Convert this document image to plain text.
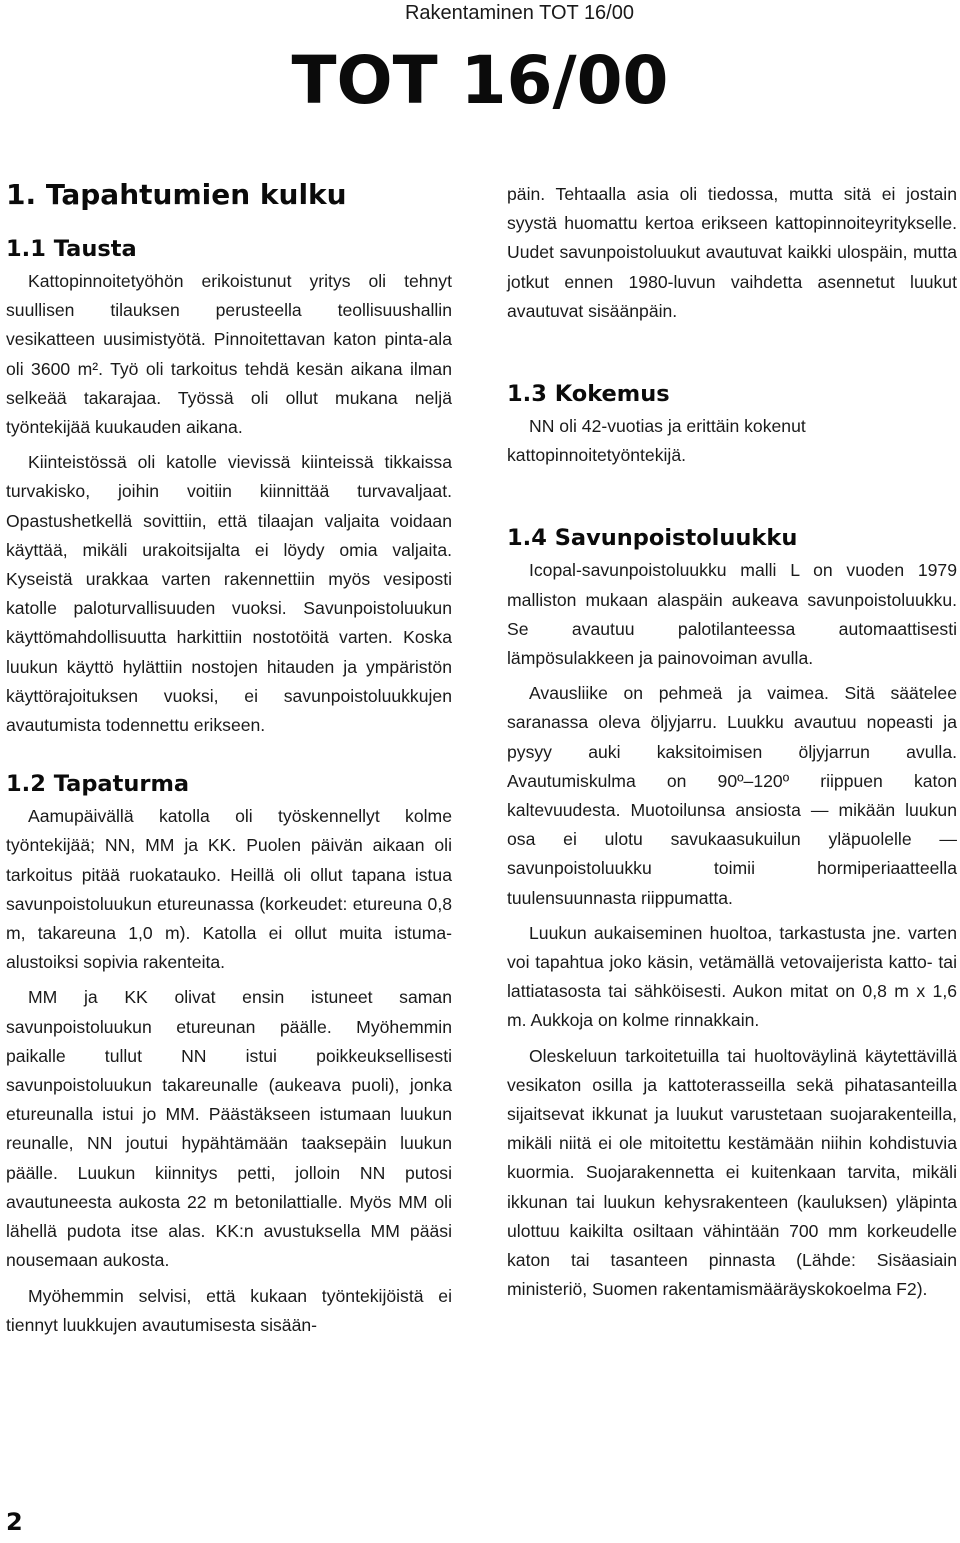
Rakentaminen TOT 16/00
TOT 16/00
1. Tapahtumien kulku
1.1 Tausta

Kattopinnoitetyöhön erikoistunut yritys oli tehnyt suullisen tilauksen perusteella teollisuushallin vesikatteen uusimistyötä. Pinnoitettavan katon pinta-ala oli 3600 m². Työ oli tarkoitus tehdä kesän aikana ilman selkeää takarajaa. Työssä oli ollut mukana neljä työntekijää kuukauden aikana.

Kiinteistössä oli katolle vievissä kiinteissä tikkaissa turvakisko, joihin voitiin kiinnittää turvavaljaat. Opastushetkellä sovittiin, että tilaajan valjaita voidaan käyttää, mikäli urakoitsijalta ei löydy omia valjaita. Kyseistä urakkaa varten rakennettiin myös vesiposti katolle paloturvallisuuden vuoksi. Savunpoistoluukun käyttömahdollisuutta harkittiin nostotöitä varten. Koska luukun käyttö hylättiin nostojen hitauden ja ympäristön käyttörajoituksen vuoksi, ei savunpoistoluukkujen avautumista todennettu erikseen.

1.2 Tapaturma

Aamupäivällä katolla oli työskennellyt kolme työntekijää; NN, MM ja KK. Puolen päivän aikaan oli tarkoitus pitää ruokatauko. Heillä oli ollut tapana istua savunpoistoluukun etureunassa (korkeudet: etureuna 0,8 m, takareuna 1,0 m). Katolla ei ollut muita istuma-alustoiksi sopivia rakenteita.

MM ja KK olivat ensin istuneet saman savunpoistoluukun etureunan päälle. Myöhemmin paikalle tullut NN istui poikkeuksellisesti savunpoistoluukun takareunalle (aukeava puoli), jonka etureunalla istui jo MM. Päästäkseen istumaan luukun reunalle, NN joutui hypähtämään taaksepäin luukun päälle. Luukun kiinnitys petti, jolloin NN putosi avautuneesta aukosta 22 m betonilattialle. Myös MM oli lähellä pudota itse alas. KK:n avustuksella MM pääsi nousemaan aukosta.

Myöhemmin selvisi, että kukaan työntekijöistä ei tiennyt luukkujen avautumisesta sisään-

päin. Tehtaalla asia oli tiedossa, mutta sitä ei jostain syystä huomattu kertoa erikseen kattopinnoiteyritykselle. Uudet savunpoistoluukut avautuvat kaikki ulospäin, mutta jotkut ennen 1980-luvun vaihdetta asennetut luukut avautuvat sisäänpäin.

1.3 Kokemus

NN oli 42-vuotias ja erittäin kokenut kattopinnoitetyöntekijä.

1.4 Savunpoistoluukku

Icopal-savunpoistoluukku malli L on vuoden 1979 malliston mukaan alaspäin aukeava savunpoistoluukku. Se avautuu palotilanteessa automaattisesti lämpösulakkeen ja painovoiman avulla.

Avausliike on pehmeä ja vaimea. Sitä säätelee saranassa oleva öljyjarru. Luukku avautuu nopeasti ja pysyy auki kaksitoimisen öljyjarrun avulla. Avautumiskulma on 90º–120º riippuen katon kaltevuudesta. Muotoilunsa ansiosta — mikään luukun osa ei ulotu savukaasukuilun yläpuolelle — savunpoistoluukku toimii hormiperiaatteella tuulensuunnasta riippumatta.

Luukun aukaiseminen huoltoa, tarkastusta jne. varten voi tapahtua joko käsin, vetämällä vetovaijerista katto- tai lattiatasosta tai sähköisesti. Aukon mitat on 0,8 m x 1,6 m. Aukkoja on kolme rinnakkain.

Oleskeluun tarkoitetuilla tai huoltoväylinä käytettävillä vesikaton osilla ja kattoterasseilla sekä pihatasanteilla sijaitsevat ikkunat ja luukut varustetaan suojarakenteilla, mikäli niitä ei ole mitoitettu kestämään niihin kohdistuvia kuormia. Suojarakennetta ei kuitenkaan tarvita, mikäli ikkunan tai luukun kehysrakenteen (kauluksen) yläpinta ulottuu kaikilta osiltaan vähintään 700 mm korkeudelle katon tai tasanteen pinnasta (Lähde: Sisäasiain ministeriö, Suomen rakentamismääräyskokoelma F2).

2
